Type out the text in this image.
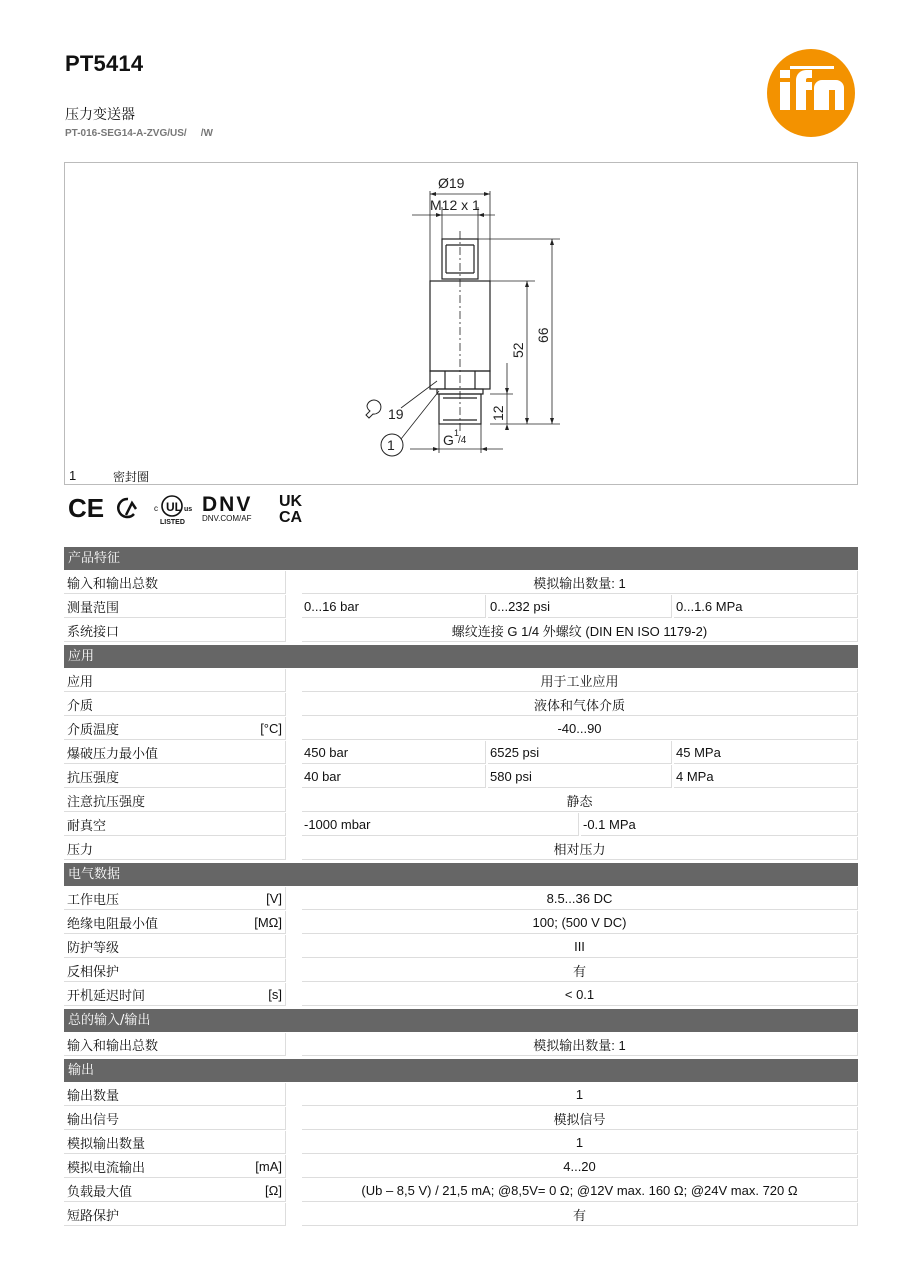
PT5414
压力变送器
PT-016-SEG14-A-ZVG/US/ /W
Ø19
M12 x 1
66
52
12
19
G 1
/4
1
1	密封圈
CE	UL
c	us
LISTED
DNV
DNV.COM/AF
UK
CA
产品特征
输入和输出总数	模拟输出数量: 1
测量范围	0...16 bar	0...232 psi	0...1.6 MPa
系统接口	螺纹连接 G 1/4 外螺纹 (DIN EN ISO 1179-2)
应用
应用	用于工业应用
介质	液体和气体介质
介质温度	[°C]	-40...90
爆破压力最小值	450 bar	6525 psi	45 MPa
抗压强度	40 bar	580 psi	4 MPa
注意抗压强度	静态
耐真空	-1000 mbar	-0.1 MPa
压力	相对压力
电气数据
工作电压	[V]	8.5...36 DC
绝缘电阻最小值	[MΩ]	100; (500 V DC)
防护等级	III
反相保护	有
开机延迟时间	[s]	< 0.1
总的输入/输出
输入和输出总数	模拟输出数量: 1
输出
输出数量	1
输出信号	模拟信号
模拟输出数量	1
模拟电流输出	[mA]	4...20
负载最大值	[Ω]	(Ub – 8,5 V) / 21,5 mA; @8,5V= 0 Ω; @12V max. 160 Ω; @24V max. 720 Ω
短路保护	有
